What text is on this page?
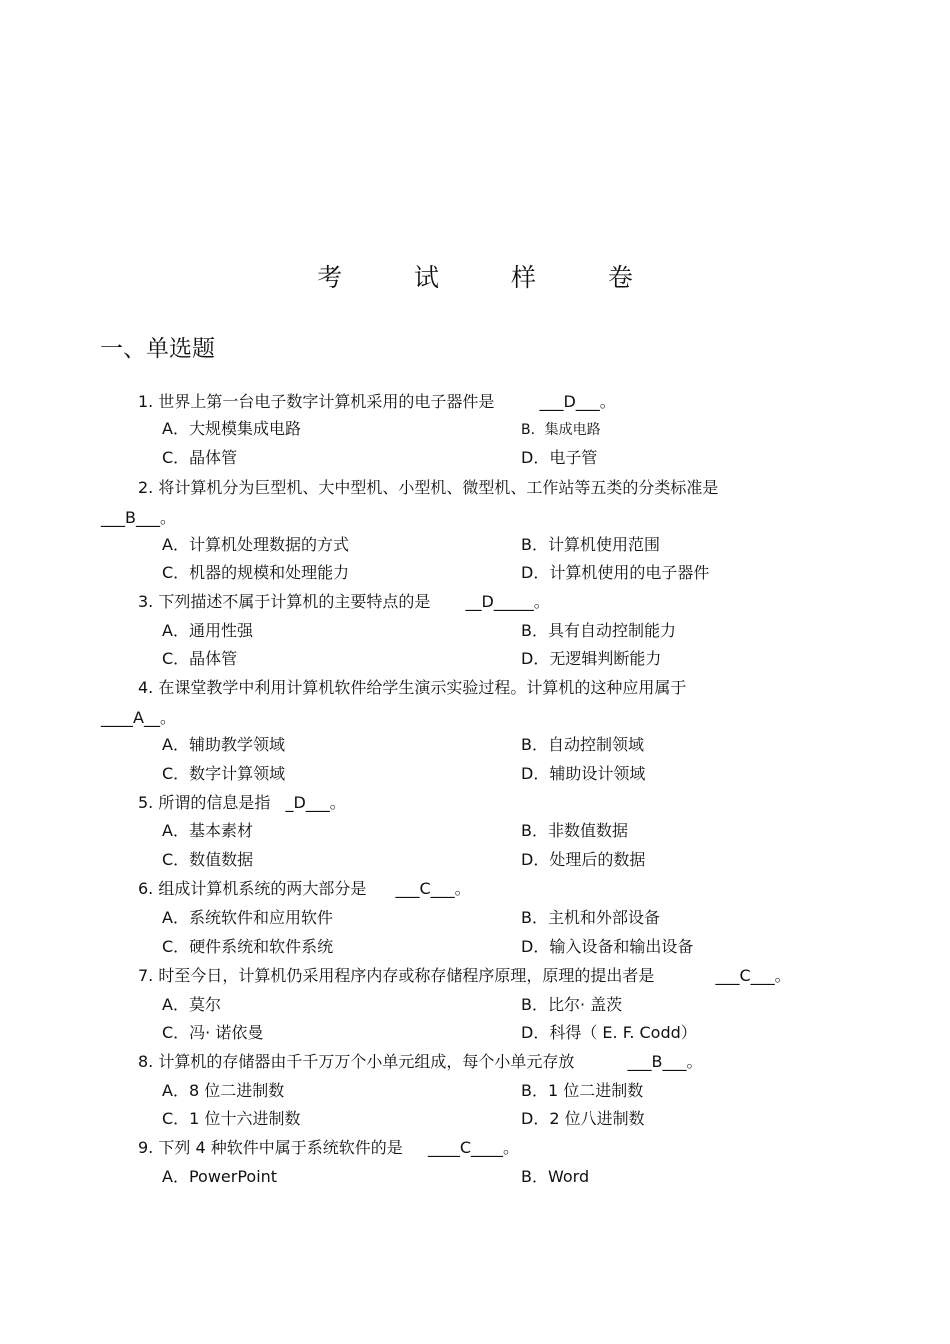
考 试 样 卷
一、单选题
1. 世界上第一台电子数字计算机采用的电子器件是	___D___。
A．大规模集成电路	B．集成电路
C．晶体管	D．电子管
2. 将计算机分为巨型机、大中型机、小型机、微型机、工作站等五类的分类标准是
___B___。
A．计算机处理数据的方式	B．计算机使用范围
C．机器的规模和处理能力	D．计算机使用的电子器件
3. 下列描述不属于计算机的主要特点的是 __D_____。
A．通用性强	B．具有自动控制能力
C．晶体管	D．无逻辑判断能力
4. 在课堂教学中利用计算机软件给学生演示实验过程。计算机的这种应用属于
____A__。
A．辅助教学领域	B．自动控制领域
C．数字计算领域	D．辅助设计领域
5. 所谓的信息是指 _D___。
A．基本素材	B．非数值数据
C．数值数据	D．处理后的数据
6. 组成计算机系统的两大部分是 ___C___。
A．系统软件和应用软件	B．主机和外部设备
C．硬件系统和软件系统	D．输入设备和输出设备
7. 时至今日，计算机仍采用程序内存或称存储程序原理，原理的提出者是	___C___。
A．莫尔	B．比尔· 盖茨
C．冯· 诺依曼	D．科得（ E. F. Codd）
8. 计算机的存储器由千千万万个小单元组成，每个小单元存放	___B___。
A．8 位二进制数	B．1 位二进制数
C．1 位十六进制数	D．2 位八进制数
9. 下列 4 种软件中属于系统软件的是 ____C____。
A．PowerPoint	B．Word
